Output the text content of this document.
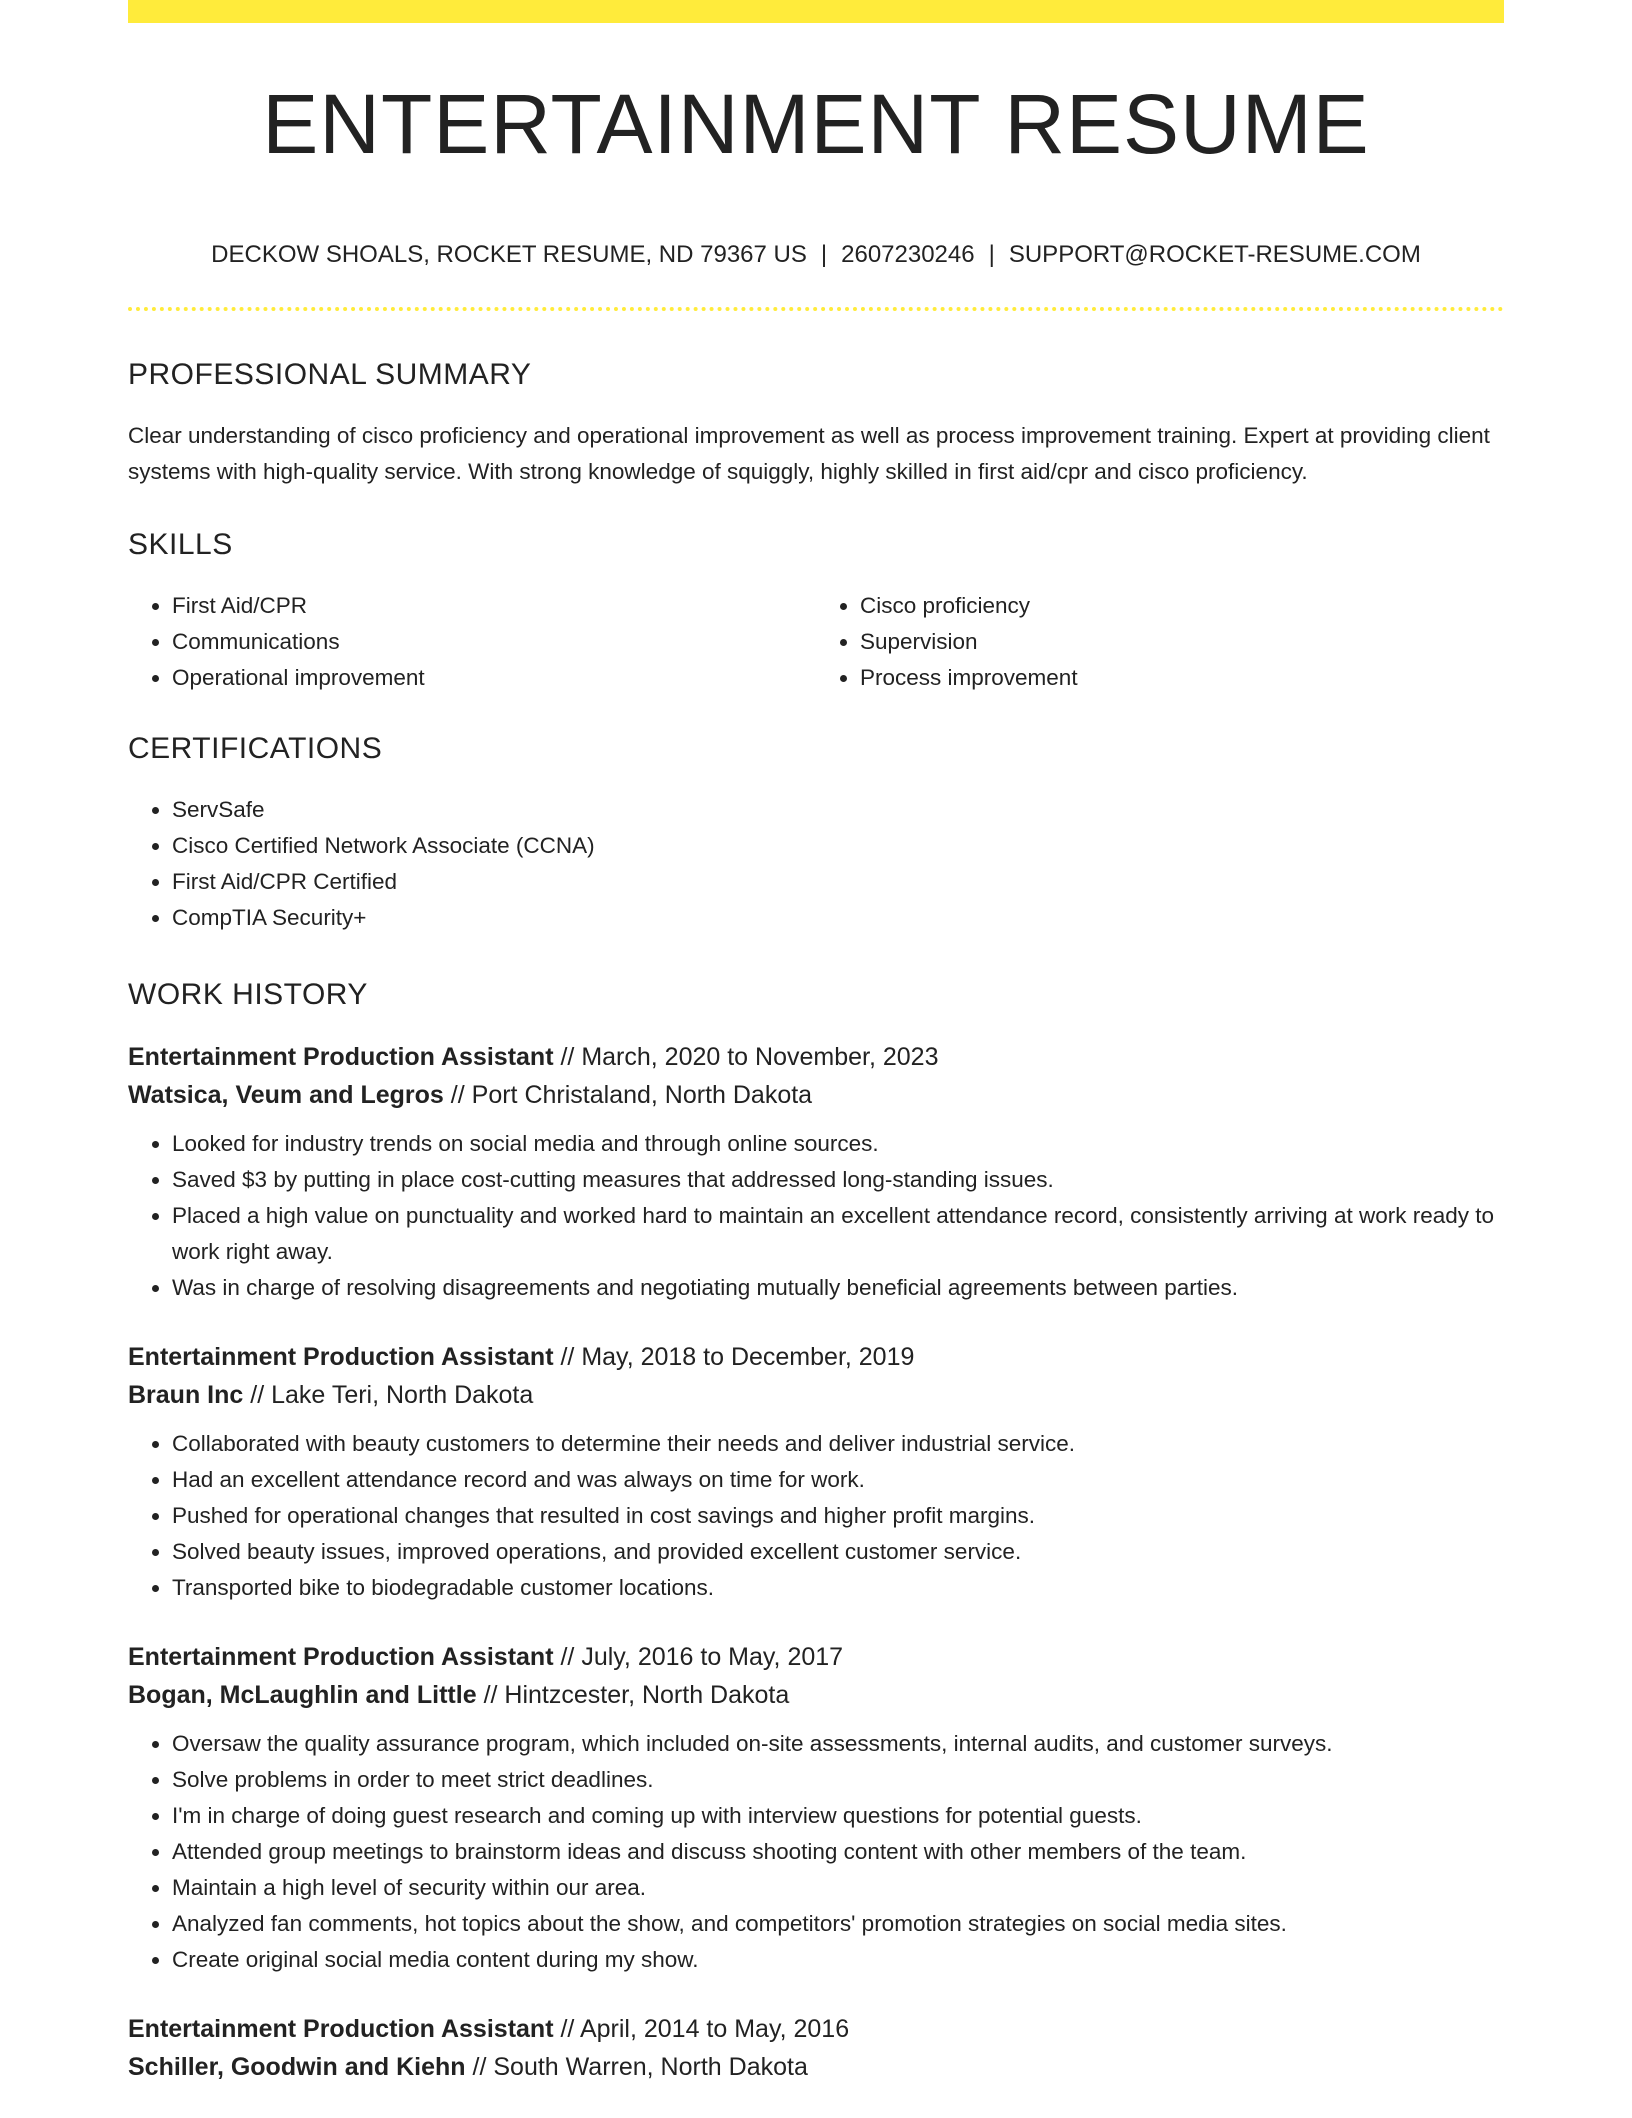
ENTERTAINMENT RESUME
DECKOW SHOALS, ROCKET RESUME, ND 79367 US | 2607230246 | SUPPORT@ROCKET-RESUME.COM
PROFESSIONAL SUMMARY

Clear understanding of cisco proficiency and operational improvement as well as process improvement training. Expert at providing client systems with high-quality service. With strong knowledge of squiggly, highly skilled in first aid/cpr and cisco proficiency.

SKILLS
• First Aid/CPR
• Communications
• Operational improvement
• Cisco proficiency
• Supervision
• Process improvement
CERTIFICATIONS
• ServSafe
• Cisco Certified Network Associate (CCNA)
• First Aid/CPR Certified
• CompTIA Security+
WORK HISTORY
Entertainment Production Assistant // March, 2020 to November, 2023
Watsica, Veum and Legros // Port Christaland, North Dakota
• Looked for industry trends on social media and through online sources.
• Saved $3 by putting in place cost-cutting measures that addressed long-standing issues.
• Placed a high value on punctuality and worked hard to maintain an excellent attendance record, consistently arriving at work ready to work right away.
• Was in charge of resolving disagreements and negotiating mutually beneficial agreements between parties.
Entertainment Production Assistant // May, 2018 to December, 2019
Braun Inc // Lake Teri, North Dakota
• Collaborated with beauty customers to determine their needs and deliver industrial service.
• Had an excellent attendance record and was always on time for work.
• Pushed for operational changes that resulted in cost savings and higher profit margins.
• Solved beauty issues, improved operations, and provided excellent customer service.
• Transported bike to biodegradable customer locations.
Entertainment Production Assistant // July, 2016 to May, 2017
Bogan, McLaughlin and Little // Hintzcester, North Dakota
• Oversaw the quality assurance program, which included on-site assessments, internal audits, and customer surveys.
• Solve problems in order to meet strict deadlines.
• I'm in charge of doing guest research and coming up with interview questions for potential guests.
• Attended group meetings to brainstorm ideas and discuss shooting content with other members of the team.
• Maintain a high level of security within our area.
• Analyzed fan comments, hot topics about the show, and competitors' promotion strategies on social media sites.
• Create original social media content during my show.
Entertainment Production Assistant // April, 2014 to May, 2016
Schiller, Goodwin and Kiehn // South Warren, North Dakota
